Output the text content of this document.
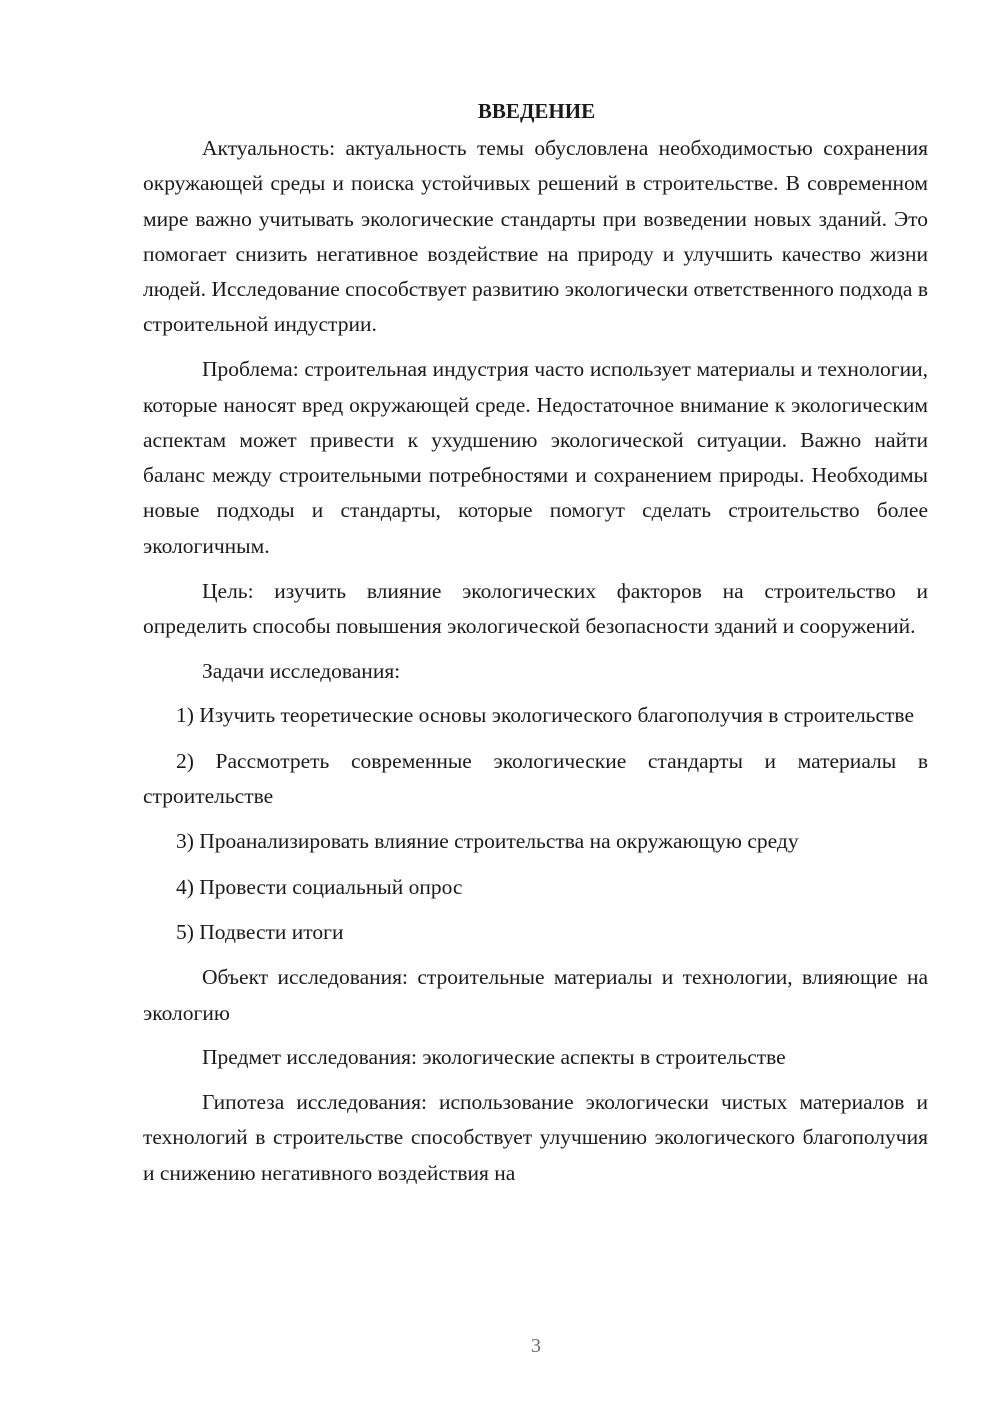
ВВЕДЕНИЕ

Актуальность: актуальность темы обусловлена необходимостью сохранения окружающей среды и поиска устойчивых решений в строительстве. В современном мире важно учитывать экологические стандарты при возведении новых зданий. Это помогает снизить негативное воздействие на природу и улучшить качество жизни людей. Исследование способствует развитию экологически ответственного подхода в строительной индустрии.

Проблема: строительная индустрия часто использует материалы и технологии, которые наносят вред окружающей среде. Недостаточное внимание к экологическим аспектам может привести к ухудшению экологической ситуации. Важно найти баланс между строительными потребностями и сохранением природы. Необходимы новые подходы и стандарты, которые помогут сделать строительство более экологичным.

Цель: изучить влияние экологических факторов на строительство и определить способы повышения экологической безопасности зданий и сооружений.

Задачи исследования:

1) Изучить теоретические основы экологического благополучия в строительстве

2) Рассмотреть современные экологические стандарты и материалы в строительстве

3) Проанализировать влияние строительства на окружающую среду

4) Провести социальный опрос

5) Подвести итоги

Объект исследования: строительные материалы и технологии, влияющие на экологию

Предмет исследования: экологические аспекты в строительстве

Гипотеза исследования: использование экологически чистых материалов и технологий в строительстве способствует улучшению экологического благополучия и снижению негативного воздействия на

3
